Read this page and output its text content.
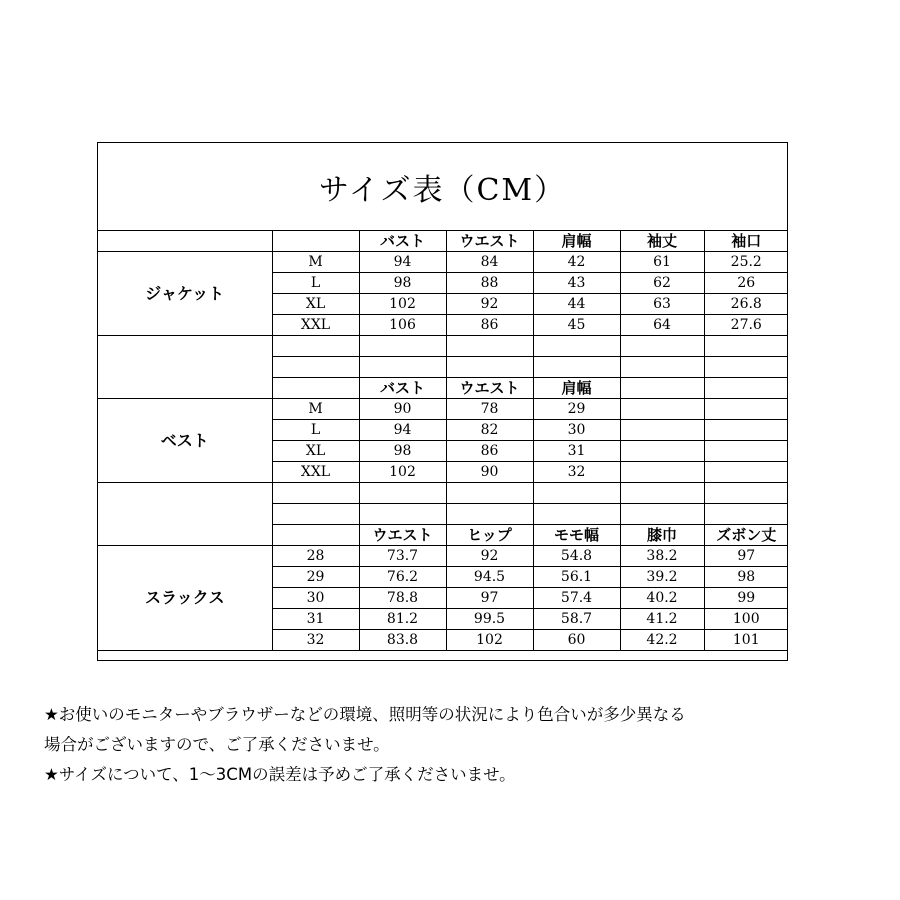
サイズ表（CM）
		バスト	ウエスト	肩幅	袖丈	袖口
ジャケット	M	94	84	42	61	25.2
	L	98	88	43	62	26
	XL	102	92	44	63	26.8
	XXL	106	86	45	64	27.6

		バスト	ウエスト	肩幅		
ベスト	M	90	78	29		
	L	94	82	30		
	XL	98	86	31		
	XXL	102	90	32		

		ウエスト	ヒップ	モモ幅	膝巾	ズボン丈
スラックス	28	73.7	92	54.8	38.2	97
	29	76.2	94.5	56.1	39.2	98
	30	78.8	97	57.4	40.2	99
	31	81.2	99.5	58.7	41.2	100
	32	83.8	102	60	42.2	101
★お使いのモニターやブラウザーなどの環境、照明等の状況により色合いが多少異なる
場合がございますので、ご了承くださいませ。
★サイズについて、1～3CMの誤差は予めご了承くださいませ。
